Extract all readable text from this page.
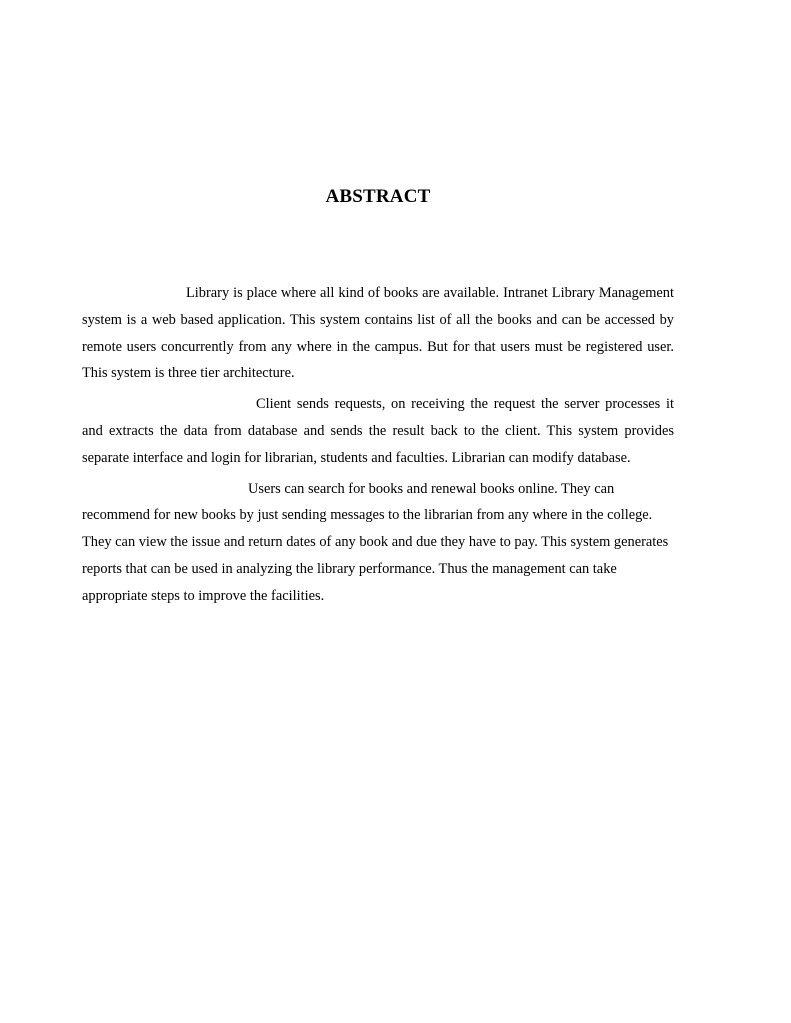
ABSTRACT

Library is place where all kind of books are available. Intranet Library Management system is a web based application. This system contains list of all the books and can be accessed by remote users concurrently from any where in the campus. But for that users must be registered user. This system is three tier architecture.

Client sends requests, on receiving the request the server processes it and extracts the data from database and sends the result back to the client. This system provides separate interface and login for librarian, students and faculties. Librarian can modify database.

Users can search for books and renewal books online. They can recommend for new books by just sending messages to the librarian from any where in the college. They can view the issue and return dates of any book and due they have to pay. This system generates reports that can be used in analyzing the library performance. Thus the management can take appropriate steps to improve the facilities.
